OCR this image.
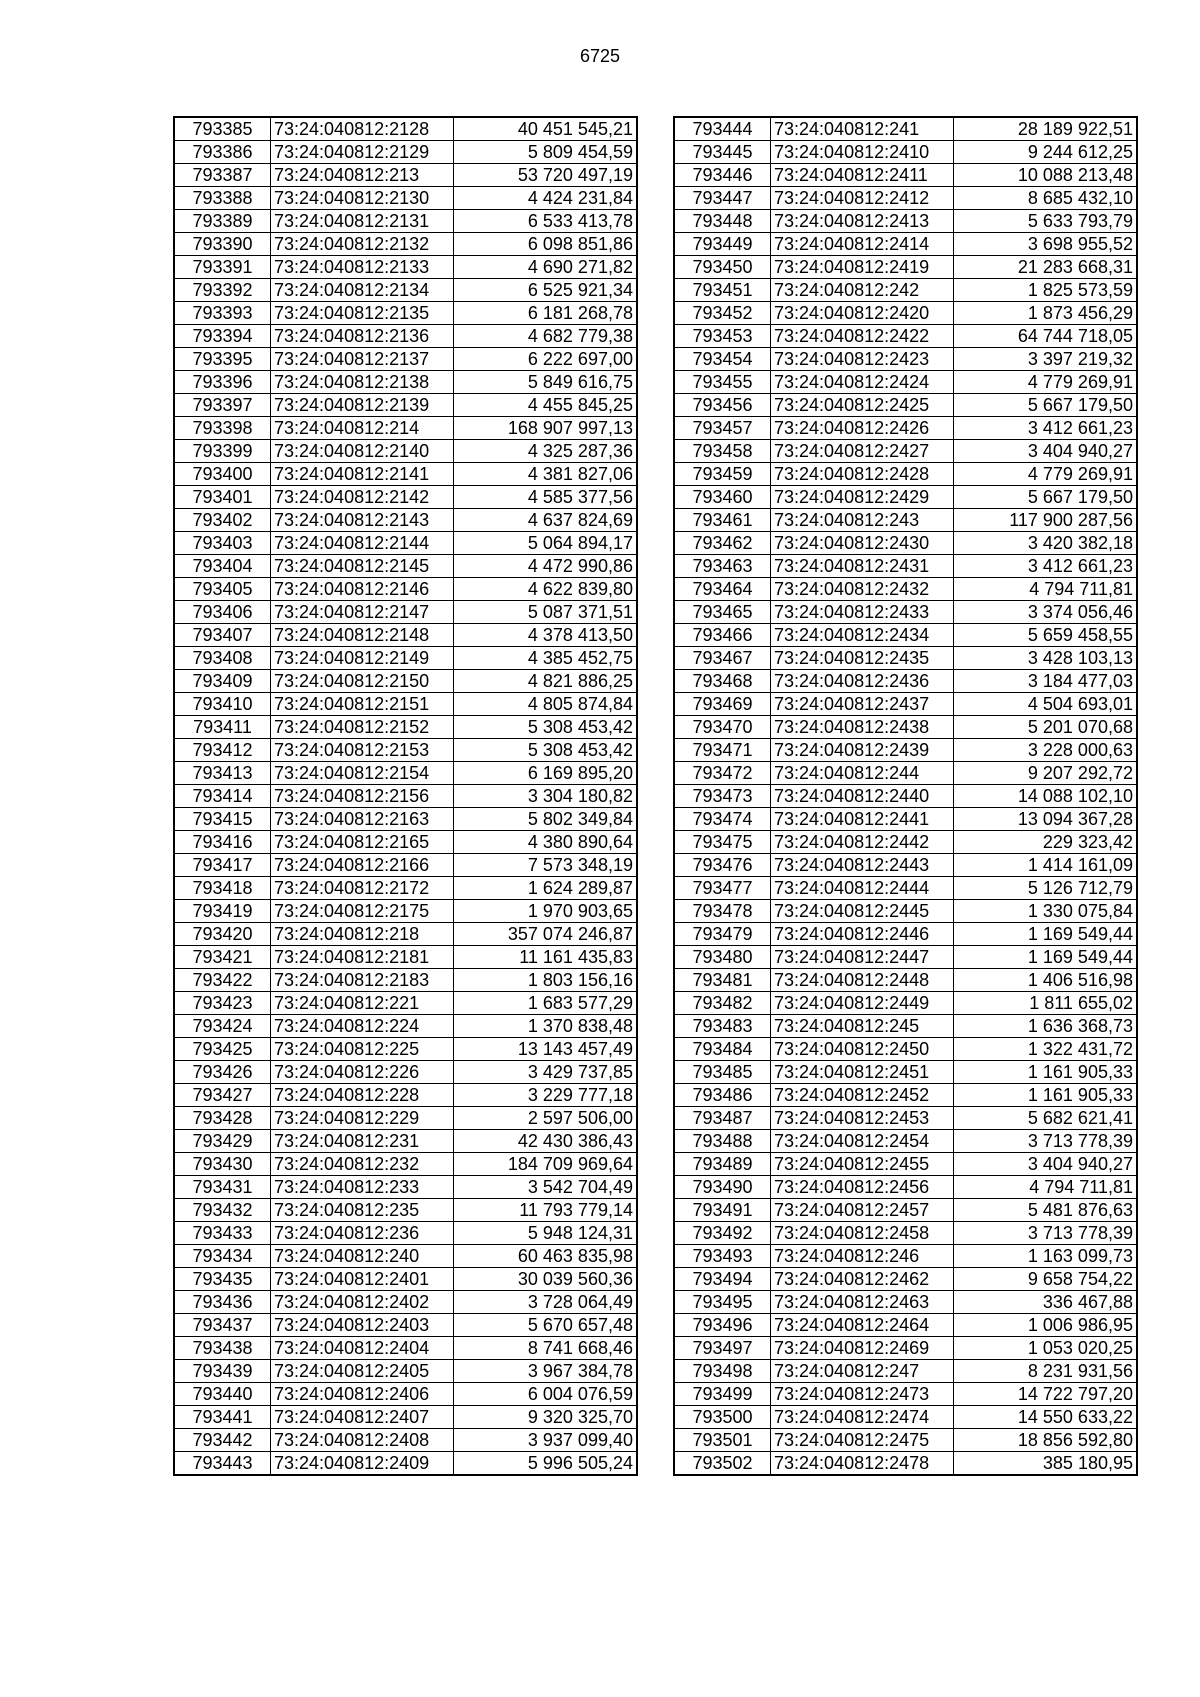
6725
793385	73:24:040812:2128	40 451 545,21
793386	73:24:040812:2129	5 809 454,59
793387	73:24:040812:213	53 720 497,19
793388	73:24:040812:2130	4 424 231,84
793389	73:24:040812:2131	6 533 413,78
793390	73:24:040812:2132	6 098 851,86
793391	73:24:040812:2133	4 690 271,82
793392	73:24:040812:2134	6 525 921,34
793393	73:24:040812:2135	6 181 268,78
793394	73:24:040812:2136	4 682 779,38
793395	73:24:040812:2137	6 222 697,00
793396	73:24:040812:2138	5 849 616,75
793397	73:24:040812:2139	4 455 845,25
793398	73:24:040812:214	168 907 997,13
793399	73:24:040812:2140	4 325 287,36
793400	73:24:040812:2141	4 381 827,06
793401	73:24:040812:2142	4 585 377,56
793402	73:24:040812:2143	4 637 824,69
793403	73:24:040812:2144	5 064 894,17
793404	73:24:040812:2145	4 472 990,86
793405	73:24:040812:2146	4 622 839,80
793406	73:24:040812:2147	5 087 371,51
793407	73:24:040812:2148	4 378 413,50
793408	73:24:040812:2149	4 385 452,75
793409	73:24:040812:2150	4 821 886,25
793410	73:24:040812:2151	4 805 874,84
793411	73:24:040812:2152	5 308 453,42
793412	73:24:040812:2153	5 308 453,42
793413	73:24:040812:2154	6 169 895,20
793414	73:24:040812:2156	3 304 180,82
793415	73:24:040812:2163	5 802 349,84
793416	73:24:040812:2165	4 380 890,64
793417	73:24:040812:2166	7 573 348,19
793418	73:24:040812:2172	1 624 289,87
793419	73:24:040812:2175	1 970 903,65
793420	73:24:040812:218	357 074 246,87
793421	73:24:040812:2181	11 161 435,83
793422	73:24:040812:2183	1 803 156,16
793423	73:24:040812:221	1 683 577,29
793424	73:24:040812:224	1 370 838,48
793425	73:24:040812:225	13 143 457,49
793426	73:24:040812:226	3 429 737,85
793427	73:24:040812:228	3 229 777,18
793428	73:24:040812:229	2 597 506,00
793429	73:24:040812:231	42 430 386,43
793430	73:24:040812:232	184 709 969,64
793431	73:24:040812:233	3 542 704,49
793432	73:24:040812:235	11 793 779,14
793433	73:24:040812:236	5 948 124,31
793434	73:24:040812:240	60 463 835,98
793435	73:24:040812:2401	30 039 560,36
793436	73:24:040812:2402	3 728 064,49
793437	73:24:040812:2403	5 670 657,48
793438	73:24:040812:2404	8 741 668,46
793439	73:24:040812:2405	3 967 384,78
793440	73:24:040812:2406	6 004 076,59
793441	73:24:040812:2407	9 320 325,70
793442	73:24:040812:2408	3 937 099,40
793443	73:24:040812:2409	5 996 505,24
793444	73:24:040812:241	28 189 922,51
793445	73:24:040812:2410	9 244 612,25
793446	73:24:040812:2411	10 088 213,48
793447	73:24:040812:2412	8 685 432,10
793448	73:24:040812:2413	5 633 793,79
793449	73:24:040812:2414	3 698 955,52
793450	73:24:040812:2419	21 283 668,31
793451	73:24:040812:242	1 825 573,59
793452	73:24:040812:2420	1 873 456,29
793453	73:24:040812:2422	64 744 718,05
793454	73:24:040812:2423	3 397 219,32
793455	73:24:040812:2424	4 779 269,91
793456	73:24:040812:2425	5 667 179,50
793457	73:24:040812:2426	3 412 661,23
793458	73:24:040812:2427	3 404 940,27
793459	73:24:040812:2428	4 779 269,91
793460	73:24:040812:2429	5 667 179,50
793461	73:24:040812:243	117 900 287,56
793462	73:24:040812:2430	3 420 382,18
793463	73:24:040812:2431	3 412 661,23
793464	73:24:040812:2432	4 794 711,81
793465	73:24:040812:2433	3 374 056,46
793466	73:24:040812:2434	5 659 458,55
793467	73:24:040812:2435	3 428 103,13
793468	73:24:040812:2436	3 184 477,03
793469	73:24:040812:2437	4 504 693,01
793470	73:24:040812:2438	5 201 070,68
793471	73:24:040812:2439	3 228 000,63
793472	73:24:040812:244	9 207 292,72
793473	73:24:040812:2440	14 088 102,10
793474	73:24:040812:2441	13 094 367,28
793475	73:24:040812:2442	229 323,42
793476	73:24:040812:2443	1 414 161,09
793477	73:24:040812:2444	5 126 712,79
793478	73:24:040812:2445	1 330 075,84
793479	73:24:040812:2446	1 169 549,44
793480	73:24:040812:2447	1 169 549,44
793481	73:24:040812:2448	1 406 516,98
793482	73:24:040812:2449	1 811 655,02
793483	73:24:040812:245	1 636 368,73
793484	73:24:040812:2450	1 322 431,72
793485	73:24:040812:2451	1 161 905,33
793486	73:24:040812:2452	1 161 905,33
793487	73:24:040812:2453	5 682 621,41
793488	73:24:040812:2454	3 713 778,39
793489	73:24:040812:2455	3 404 940,27
793490	73:24:040812:2456	4 794 711,81
793491	73:24:040812:2457	5 481 876,63
793492	73:24:040812:2458	3 713 778,39
793493	73:24:040812:246	1 163 099,73
793494	73:24:040812:2462	9 658 754,22
793495	73:24:040812:2463	336 467,88
793496	73:24:040812:2464	1 006 986,95
793497	73:24:040812:2469	1 053 020,25
793498	73:24:040812:247	8 231 931,56
793499	73:24:040812:2473	14 722 797,20
793500	73:24:040812:2474	14 550 633,22
793501	73:24:040812:2475	18 856 592,80
793502	73:24:040812:2478	385 180,95
